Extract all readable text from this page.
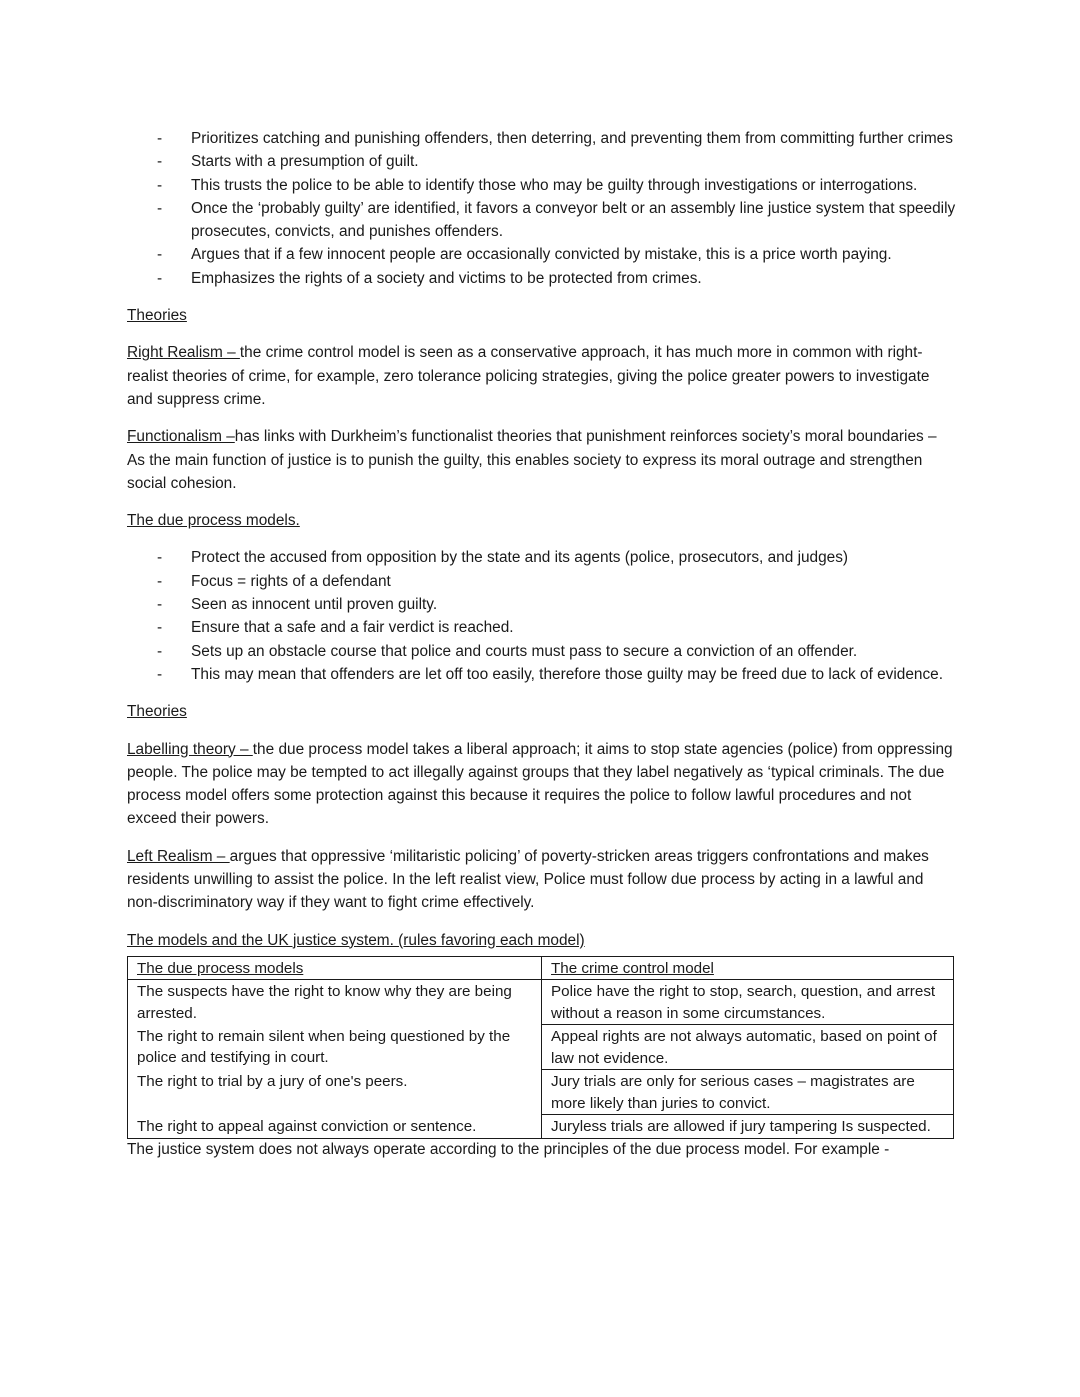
- Prioritizes catching and punishing offenders, then deterring, and preventing them from committing further crimes
- Starts with a presumption of guilt.
- This trusts the police to be able to identify those who may be guilty through investigations or interrogations.
- Once the ‘probably guilty’ are identified, it favors a conveyor belt or an assembly line justice system that speedily prosecutes, convicts, and punishes offenders.
- Argues that if a few innocent people are occasionally convicted by mistake, this is a price worth paying.
- Emphasizes the rights of a society and victims to be protected from crimes.

Theories

Right Realism – the crime control model is seen as a conservative approach, it has much more in common with right-realist theories of crime, for example, zero tolerance policing strategies, giving the police greater powers to investigate and suppress crime.

Functionalism –has links with Durkheim’s functionalist theories that punishment reinforces society’s moral boundaries – As the main function of justice is to punish the guilty, this enables society to express its moral outrage and strengthen social cohesion.

The due process models.

- Protect the accused from opposition by the state and its agents (police, prosecutors, and judges)
- Focus = rights of a defendant
- Seen as innocent until proven guilty.
- Ensure that a safe and a fair verdict is reached.
- Sets up an obstacle course that police and courts must pass to secure a conviction of an offender.
- This may mean that offenders are let off too easily, therefore those guilty may be freed due to lack of evidence.

Theories

Labelling theory – the due process model takes a liberal approach; it aims to stop state agencies (police) from oppressing people. The police may be tempted to act illegally against groups that they label negatively as ‘typical criminals. The due process model offers some protection against this because it requires the police to follow lawful procedures and not exceed their powers.

Left Realism – argues that oppressive ‘militaristic policing’ of poverty-stricken areas triggers confrontations and makes residents unwilling to assist the police. In the left realist view, Police must follow due process by acting in a lawful and non-discriminatory way if they want to fight crime effectively.

The models and the UK justice system. (rules favoring each model)

The due process models	The crime control model
The suspects have the right to know why they are being arrested.	Police have the right to stop, search, question, and arrest without a reason in some circumstances.
The right to remain silent when being questioned by the police and testifying in court.	Appeal rights are not always automatic, based on point of law not evidence.
The right to trial by a jury of one's peers.	Jury trials are only for serious cases – magistrates are more likely than juries to convict.
The right to appeal against conviction or sentence.	Juryless trials are allowed if jury tampering Is suspected.

The justice system does not always operate according to the principles of the due process model. For example -
